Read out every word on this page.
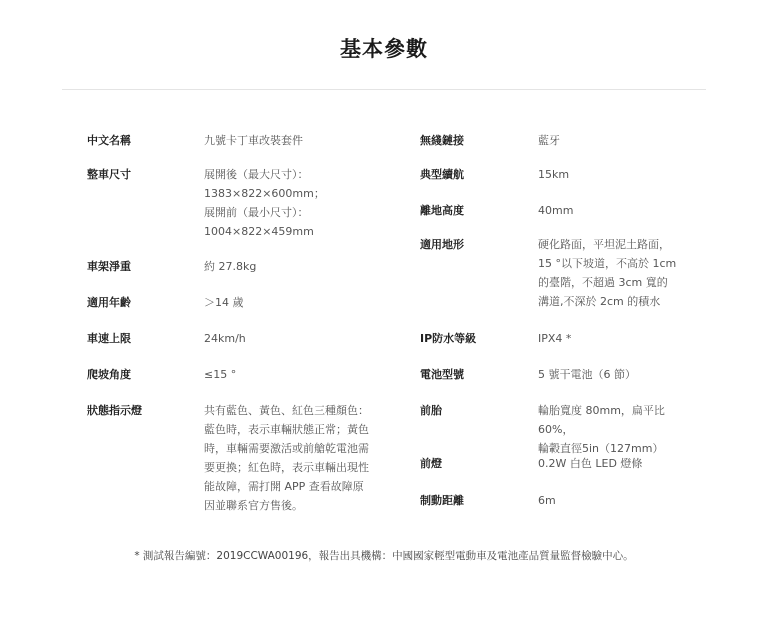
基本參數
中文名稱	九號卡丁車改裝套件
整車尺寸	展開後（最大尺寸）：
1383×822×600mm；
展開前（最小尺寸）：
1004×822×459mm
車架淨重	約 27.8kg
適用年齡	＞14 歲
車速上限	24km/h
爬坡角度	≤15 °
狀態指示燈	共有藍色、黃色、紅色三種顏色：
藍色時，表示車輛狀態正常；黃色
時，車輛需要激活或前艙乾電池需
要更換；紅色時，表示車輛出現性
能故障，需打開 APP 查看故障原
因並聯系官方售後。
無綫鏈接	藍牙
典型續航	15km
離地高度	40mm
適用地形	硬化路面，平坦泥土路面，
15 °以下坡道，不高於 1cm
的臺階，不超過 3cm 寬的
溝道,不深於 2cm 的積水
IP防水等級	IPX4 *
電池型號	5 號干電池（6 節）
前胎	輪胎寬度 80mm，扁平比
60%，
輪轂直徑5in（127mm）
前燈	0.2W 白色 LED 燈條
制動距離	6m
* 測試報告編號：2019CCWA00196，報告出具機構：中國國家輕型電動車及電池產品質量監督檢驗中心。
